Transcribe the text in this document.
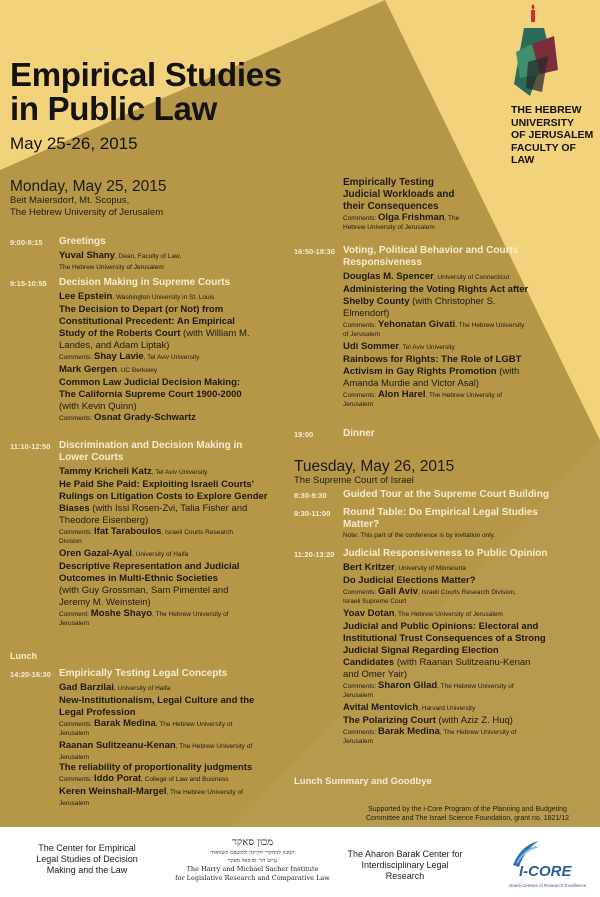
Empirical Studies
in Public Law
May 25-26, 2015
THE HEBREW
UNIVERSITY
OF JERUSALEM
FACULTY OF LAW
Monday, May 25, 2015
Beit Maiersdorf, Mt. Scopus,
The Hebrew University of Jerusalem
9:00-9:15 Greetings
Yuval Shany, Dean, Faculty of Law,
The Hebrew University of Jerusalem
9:15-10:55 Decision Making in Supreme Courts
Lee Epstein, Washington University in St. Louis
The Decision to Depart (or Not) from
Constitutional Precedent: An Empirical
Study of the Roberts Court (with William M.
Landes, and Adam Liptak)
Comments: Shay Lavie, Tel Aviv University
Mark Gergen, UC Berkeley
Common Law Judicial Decision Making:
The California Supreme Court 1900-2000
(with Kevin Quinn)
Comments: Osnat Grady-Schwartz
11:10-12:50 Discrimination and Decision Making in
Lower Courts
Tammy Kricheli Katz, Tel Aviv University
He Paid She Paid: Exploiting Israeli Courts'
Rulings on Litigation Costs to Explore Gender
Biases (with Issi Rosen-Zvi, Talia Fisher and
Theodore Eisenberg)
Comments: Ifat Taraboulos, Israeli Courts Research
Division
Oren Gazal-Ayal, University of Haifa
Descriptive Representation and Judicial
Outcomes in Multi-Ethnic Societies
(with Guy Grossman, Sam Pimentel and
Jeremy M. Weinstein)
Comment: Moshe Shayo, The Hebrew University of
Jerusalem
Lunch
14:20-16:30 Empirically Testing Legal Concepts
Gad Barzilai, University of Haifa
New-Institutionalism, Legal Culture and the
Legal Profession
Comments: Barak Medina, The Hebrew University of
Jerusalem
Raanan Sulitzeanu-Kenan, The Hebrew University of
Jerusalem
The reliability of proportionality judgments
Comments: Iddo Porat, College of Law and Business
Keren Weinshall-Margel, The Hebrew University of
Jerusalem
Empirically Testing
Judicial Workloads and
their Consequences
Comments: Olga Frishman, The
Hebrew University of Jerusalem
16:50-18:30 Voting, Political Behavior and Courts
Responsiveness
Douglas M. Spencer, University of Connecticut
Administering the Voting Rights Act after
Shelby County (with Christopher S.
Elmendorf)
Comments: Yehonatan Givati, The Hebrew University
of Jerusalem
Udi Sommer, Tel Aviv University
Rainbows for Rights: The Role of LGBT
Activism in Gay Rights Promotion (with
Amanda Murdie and Victor Asal)
Comments: Alon Harel, The Hebrew University of
Jerusalem
19:00	Dinner
Tuesday, May 26, 2015
The Supreme Court of Israel
8:30-9:30 Guided Tour at the Supreme Court Building
9:30-11:00 Round Table: Do Empirical Legal Studies
Matter?
Note: This part of the conference is by invitation only.
11:20-13:20 Judicial Responsiveness to Public Opinion
Bert Kritzer, University of Minnesota
Do Judicial Elections Matter?
Comments: Gali Aviv, Israeli Courts Research Division,
Israeli Supreme Court
Yoav Dotan, The Hebrew University of Jerusalem
Judicial and Public Opinions: Electoral and
Institutional Trust Consequences of a Strong
Judicial Signal Regarding Election
Candidates (with Raanan Sulitzeanu-Kenan
and Omer Yair)
Comments: Sharon Gilad, The Hebrew University of
Jerusalem
Avital Mentovich, Harvard University
The Polarizing Court (with Aziz Z. Huq)
Comments: Barak Medina, The Hebrew University of
Jerusalem
Lunch Summary and Goodbye
Supported by the i-Core Program of the Planning and Budgeting
Committee and The Israel Science Foundation, grant no. 1821/12
The Center for Empirical
Legal Studies of Decision
Making and the Law
מכון סאקר
המכון למחקרי חקיקה ולמשפט השוואתי
עייש הרי ומיכאל סאקר
The Harry and Michael Sacher Institute
for Legislative Research and Comparative Law
The Aharon Barak Center for
Interdisciplinary Legal
Research	I-CORE
Israeli Centers of Research Excellence
